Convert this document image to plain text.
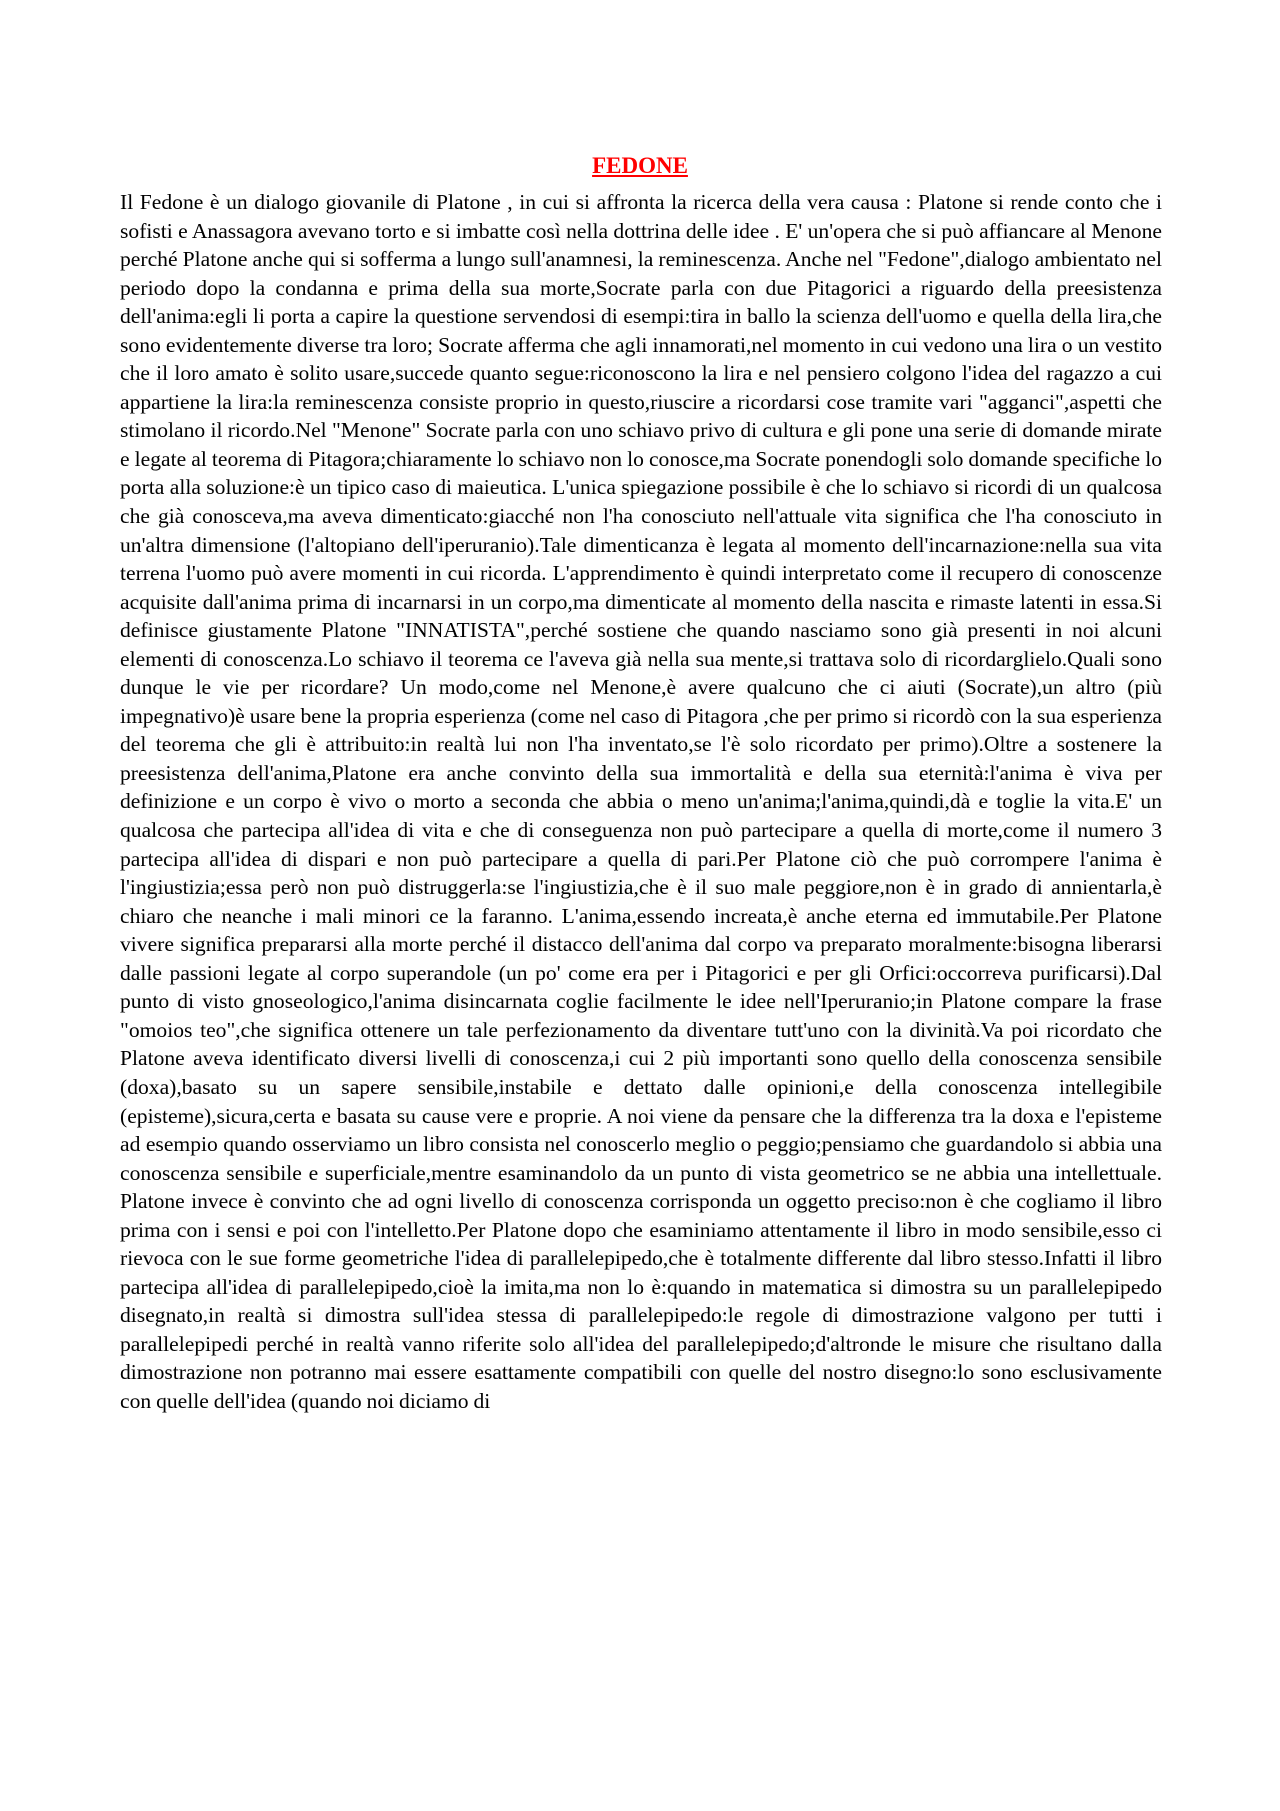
FEDONE

Il Fedone è un dialogo giovanile di Platone , in cui si affronta la ricerca della vera causa : Platone si rende conto che i sofisti e Anassagora avevano torto e si imbatte così nella dottrina delle idee . E' un'opera che si può affiancare al Menone perché Platone anche qui si sofferma a lungo sull'anamnesi, la reminescenza. Anche nel "Fedone",dialogo ambientato nel periodo dopo la condanna e prima della sua morte,Socrate parla con due Pitagorici a riguardo della preesistenza dell'anima:egli li porta a capire la questione servendosi di esempi:tira in ballo la scienza dell'uomo e quella della lira,che sono evidentemente diverse tra loro; Socrate afferma che agli innamorati,nel momento in cui vedono una lira o un vestito che il loro amato è solito usare,succede quanto segue:riconoscono la lira e nel pensiero colgono l'idea del ragazzo a cui appartiene la lira:la reminescenza consiste proprio in questo,riuscire a ricordarsi cose tramite vari "agganci",aspetti che stimolano il ricordo.Nel "Menone" Socrate parla con uno schiavo privo di cultura e gli pone una serie di domande mirate e legate al teorema di Pitagora;chiaramente lo schiavo non lo conosce,ma Socrate ponendogli solo domande specifiche lo porta alla soluzione:è un tipico caso di maieutica. L'unica spiegazione possibile è che lo schiavo si ricordi di un qualcosa che già conosceva,ma aveva dimenticato:giacché non l'ha conosciuto nell'attuale vita significa che l'ha conosciuto in un'altra dimensione (l'altopiano dell'iperuranio).Tale dimenticanza è legata al momento dell'incarnazione:nella sua vita terrena l'uomo può avere momenti in cui ricorda. L'apprendimento è quindi interpretato come il recupero di conoscenze acquisite dall'anima prima di incarnarsi in un corpo,ma dimenticate al momento della nascita e rimaste latenti in essa.Si definisce giustamente Platone "INNATISTA",perché sostiene che quando nasciamo sono già presenti in noi alcuni elementi di conoscenza.Lo schiavo il teorema ce l'aveva già nella sua mente,si trattava solo di ricordarglielo.Quali sono dunque le vie per ricordare? Un modo,come nel Menone,è avere qualcuno che ci aiuti (Socrate),un altro (più impegnativo)è usare bene la propria esperienza (come nel caso di Pitagora ,che per primo si ricordò con la sua esperienza del teorema che gli è attribuito:in realtà lui non l'ha inventato,se l'è solo ricordato per primo).Oltre a sostenere la preesistenza dell'anima,Platone era anche convinto della sua immortalità e della sua eternità:l'anima è viva per definizione e un corpo è vivo o morto a seconda che abbia o meno un'anima;l'anima,quindi,dà e toglie la vita.E' un qualcosa che partecipa all'idea di vita e che di conseguenza non può partecipare a quella di morte,come il numero 3 partecipa all'idea di dispari e non può partecipare a quella di pari.Per Platone ciò che può corrompere l'anima è l'ingiustizia;essa però non può distruggerla:se l'ingiustizia,che è il suo male peggiore,non è in grado di annientarla,è chiaro che neanche i mali minori ce la faranno. L'anima,essendo increata,è anche eterna ed immutabile.Per Platone vivere significa prepararsi alla morte perché il distacco dell'anima dal corpo va preparato moralmente:bisogna liberarsi dalle passioni legate al corpo superandole (un po' come era per i Pitagorici e per gli Orfici:occorreva purificarsi).Dal punto di visto gnoseologico,l'anima disincarnata coglie facilmente le idee nell'Iperuranio;in Platone compare la frase "omoios teo",che significa ottenere un tale perfezionamento da diventare tutt'uno con la divinità.Va poi ricordato che Platone aveva identificato diversi livelli di conoscenza,i cui 2 più importanti sono quello della conoscenza sensibile (doxa),basato su un sapere sensibile,instabile e dettato dalle opinioni,e della conoscenza intellegibile (episteme),sicura,certa e basata su cause vere e proprie. A noi viene da pensare che la differenza tra la doxa e l'episteme ad esempio quando osserviamo un libro consista nel conoscerlo meglio o peggio;pensiamo che guardandolo si abbia una conoscenza sensibile e superficiale,mentre esaminandolo da un punto di vista geometrico se ne abbia una intellettuale. Platone invece è convinto che ad ogni livello di conoscenza corrisponda un oggetto preciso:non è che cogliamo il libro prima con i sensi e poi con l'intelletto.Per Platone dopo che esaminiamo attentamente il libro in modo sensibile,esso ci rievoca con le sue forme geometriche l'idea di parallelepipedo,che è totalmente differente dal libro stesso.Infatti il libro partecipa all'idea di parallelepipedo,cioè la imita,ma non lo è:quando in matematica si dimostra su un parallelepipedo disegnato,in realtà si dimostra sull'idea stessa di parallelepipedo:le regole di dimostrazione valgono per tutti i parallelepipedi perché in realtà vanno riferite solo all'idea del parallelepipedo;d'altronde le misure che risultano dalla dimostrazione non potranno mai essere esattamente compatibili con quelle del nostro disegno:lo sono esclusivamente con quelle dell'idea (quando noi diciamo di
